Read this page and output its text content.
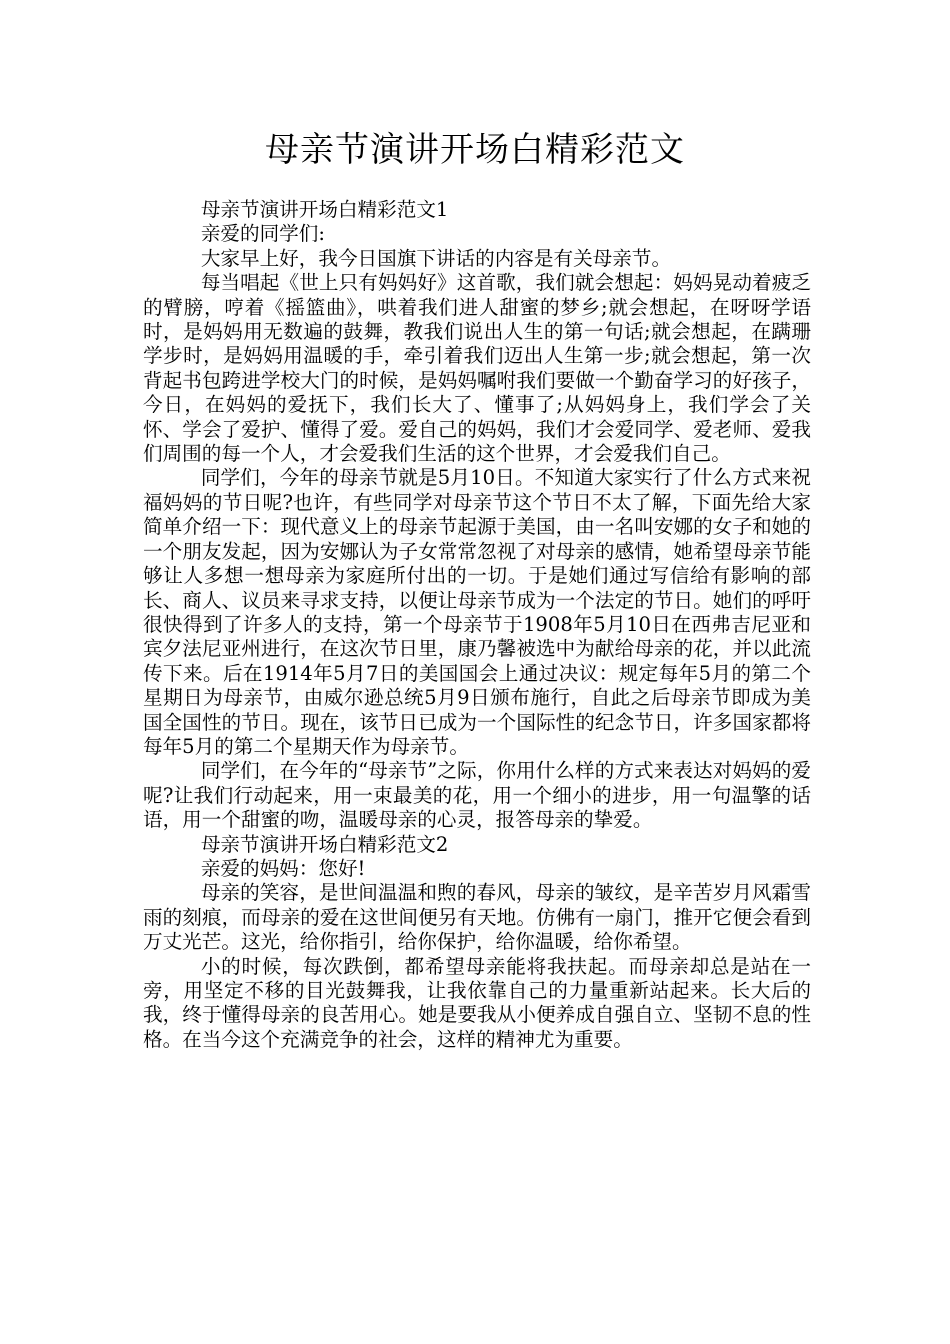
母亲节演讲开场白精彩范文

母亲节演讲开场白精彩范文1

亲爱的同学们:

大家早上好，我今日国旗下讲话的内容是有关母亲节。

每当唱起《世上只有妈妈好》这首歌，我们就会想起：妈妈晃动着疲乏的臂膀，哼着《摇篮曲》，哄着我们进人甜蜜的梦乡;就会想起，在呀呀学语时，是妈妈用无数遍的鼓舞，教我们说出人生的第一句话;就会想起，在蹒珊学步时，是妈妈用温暖的手，牵引着我们迈出人生第一步;就会想起，第一次背起书包跨进学校大门的时候，是妈妈嘱咐我们要做一个勤奋学习的好孩子，今日，在妈妈的爱抚下，我们长大了、懂事了;从妈妈身上，我们学会了关怀、学会了爱护、懂得了爱。爱自己的妈妈，我们才会爱同学、爱老师、爱我们周围的每一个人，才会爱我们生活的这个世界，才会爱我们自己。

同学们，今年的母亲节就是5月10日。不知道大家实行了什么方式来祝福妈妈的节日呢?也许，有些同学对母亲节这个节日不太了解，下面先给大家简单介绍一下：现代意义上的母亲节起源于美国，由一名叫安娜的女子和她的一个朋友发起，因为安娜认为子女常常忽视了对母亲的感情，她希望母亲节能够让人多想一想母亲为家庭所付出的一切。于是她们通过写信给有影响的部长、商人、议员来寻求支持，以便让母亲节成为一个法定的节日。她们的呼吁很快得到了许多人的支持，第一个母亲节于1908年5月10日在西弗吉尼亚和宾夕法尼亚州进行，在这次节日里，康乃馨被选中为献给母亲的花，并以此流传下来。后在1914年5月7日的美国国会上通过决议：规定每年5月的第二个星期日为母亲节，由威尔逊总统5月9日颁布施行，自此之后母亲节即成为美国全国性的节日。现在，该节日已成为一个国际性的纪念节日，许多国家都将每年5月的第二个星期天作为母亲节。

同学们，在今年的“母亲节”之际，你用什么样的方式来表达对妈妈的爱呢?让我们行动起来，用一束最美的花，用一个细小的进步，用一句温擎的话语，用一个甜蜜的吻，温暖母亲的心灵，报答母亲的挚爱。

母亲节演讲开场白精彩范文2

亲爱的妈妈：您好!

母亲的笑容，是世间温温和煦的春风，母亲的皱纹，是辛苦岁月风霜雪雨的刻痕，而母亲的爱在这世间便另有天地。仿佛有一扇门，推开它便会看到万丈光芒。这光，给你指引，给你保护，给你温暖，给你希望。

小的时候，每次跌倒，都希望母亲能将我扶起。而母亲却总是站在一旁，用坚定不移的目光鼓舞我，让我依靠自己的力量重新站起来。长大后的我，终于懂得母亲的良苦用心。她是要我从小便养成自强自立、坚韧不息的性格。在当今这个充满竞争的社会，这样的精神尤为重要。
